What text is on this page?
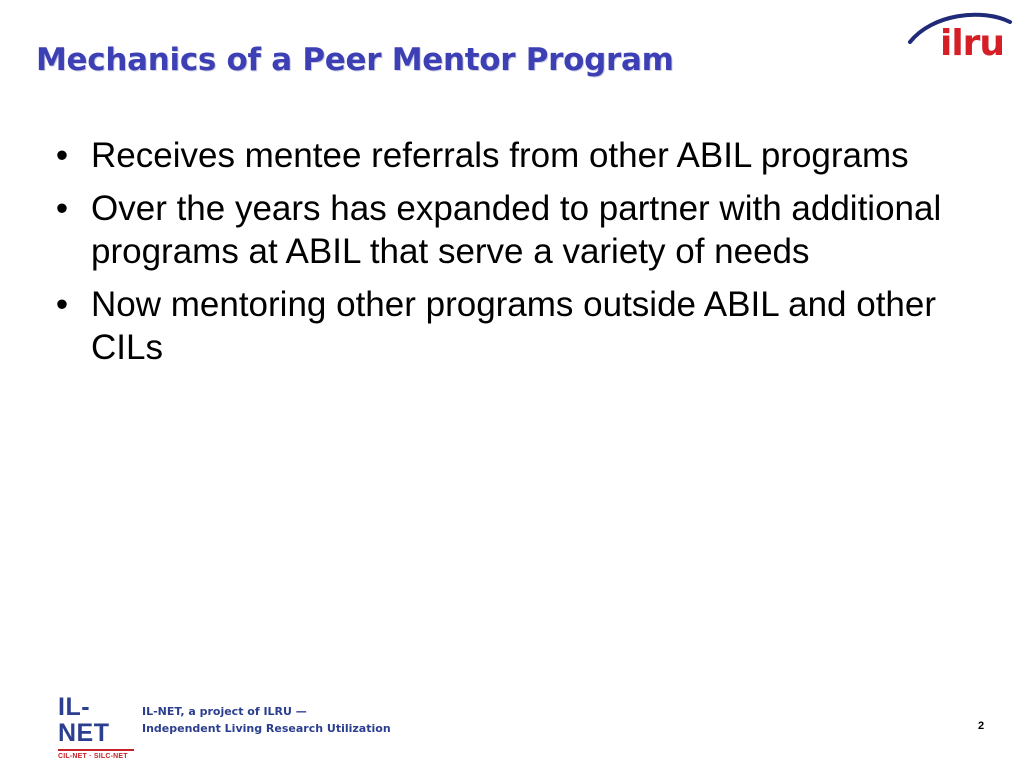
Mechanics of a Peer Mentor Program	ilru
• Receives mentee referrals from other ABIL programs
• Over the years has expanded to partner with additional programs at ABIL that serve a variety of needs
• Now mentoring other programs outside ABIL and other CILs
IL-NET
CIL-NET · SILC-NET
IL-NET, a project of ILRU —
Independent Living Research Utilization	2
